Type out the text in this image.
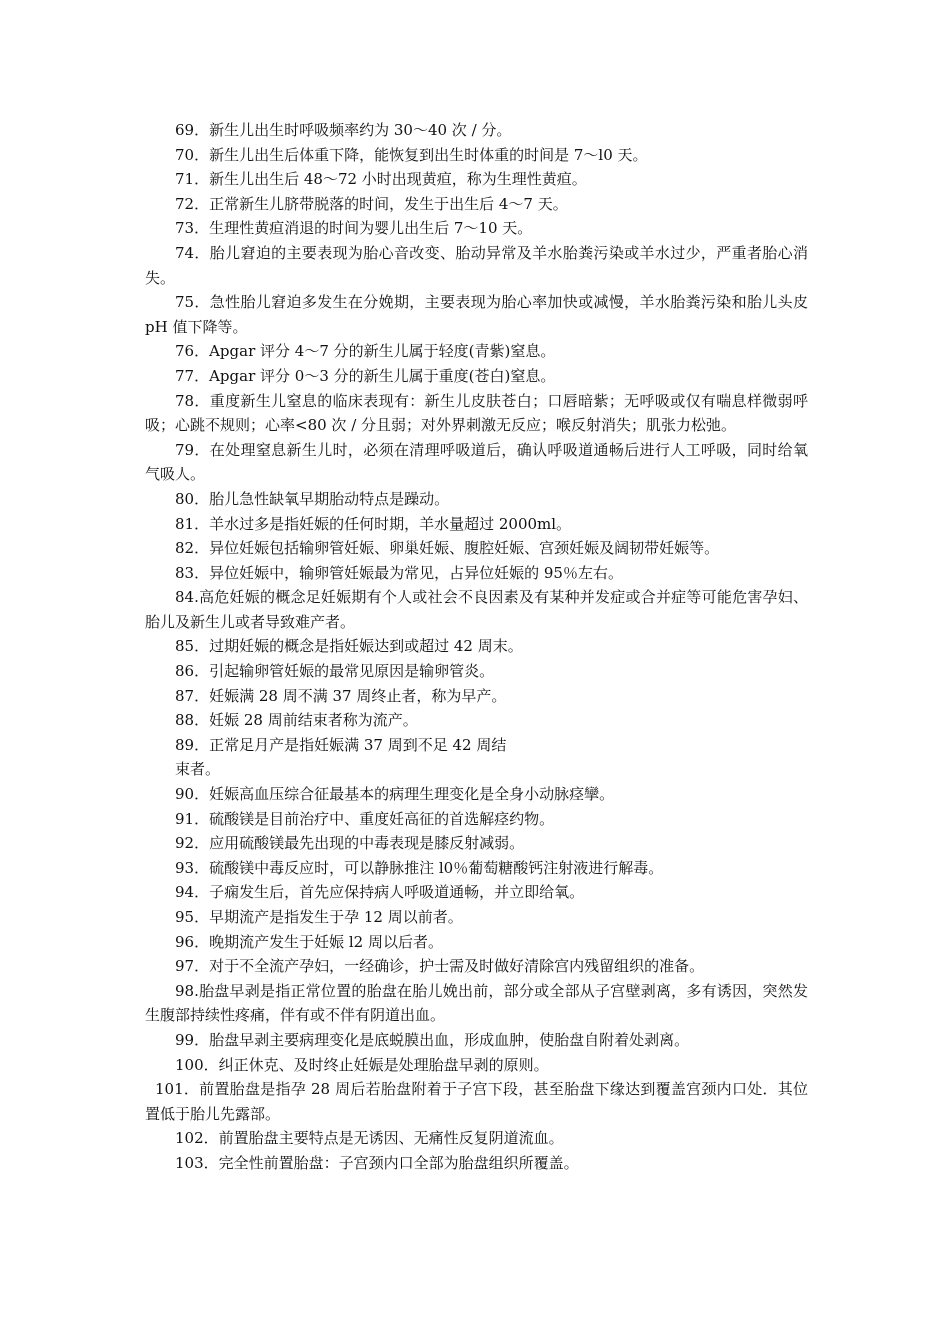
69．新生儿出生时呼吸频率约为 30～40 次 / 分。

70．新生儿出生后体重下降，能恢复到出生时体重的时间是 7～l0 天。

71．新生儿出生后 48～72 小时出现黄疸，称为生理性黄疸。

72．正常新生儿脐带脱落的时间，发生于出生后 4～7 天。

73．生理性黄疸消退的时间为婴儿出生后 7～10 天。

74．胎儿窘迫的主要表现为胎心音改变、胎动异常及羊水胎粪污染或羊水过少，严重者胎心消失。

75．急性胎儿窘迫多发生在分娩期，主要表现为胎心率加快或减慢，羊水胎粪污染和胎儿头皮 pH 值下降等。

76．Apgar 评分 4～7 分的新生儿属于轻度(青紫)窒息。

77．Apgar 评分 0～3 分的新生儿属于重度(苍白)窒息。

78．重度新生儿窒息的临床表现有：新生儿皮肤苍白；口唇暗紫；无呼吸或仅有喘息样微弱呼吸；心跳不规则；心率<80 次 / 分且弱；对外界刺激无反应；喉反射消失；肌张力松弛。

79．在处理窒息新生儿时，必须在清理呼吸道后，确认呼吸道通畅后进行人工呼吸，同时给氧气吸人。

80．胎儿急性缺氧早期胎动特点是躁动。

81．羊水过多是指妊娠的任何时期，羊水量超过 2000ml。

82．异位妊娠包括输卵管妊娠、卵巢妊娠、腹腔妊娠、宫颈妊娠及阔韧带妊娠等。

83．异位妊娠中，输卵管妊娠最为常见，占异位妊娠的 95％左右。

84.高危妊娠的概念足妊娠期有个人或社会不良因素及有某种并发症或合并症等可能危害孕妇、胎儿及新生儿或者导致难产者。

85．过期妊娠的概念是指妊娠达到或超过 42 周末。

86．引起输卵管妊娠的最常见原因是输卵管炎。

87．妊娠满 28 周不满 37 周终止者，称为早产。

88．妊娠 28 周前结束者称为流产。

89．正常足月产是指妊娠满 37 周到不足 42 周结

束者。

90．妊娠高血压综合征最基本的病理生理变化是全身小动脉痉攣。

91．硫酸镁是目前治疗中、重度妊高征的首选解痉约物。

92．应用硫酸镁最先出现的中毒表现是膝反射减弱。

93．硫酸镁中毒反应时，可以静脉推注 l0％葡萄糖酸钙注射液进行解毒。

94．子痫发生后，首先应保持病人呼吸道通畅，并立即给氧。

95．早期流产是指发生于孕 12 周以前者。

96．晚期流产发生于妊娠 l2 周以后者。

97．对于不全流产孕妇，一经确诊，护士需及时做好清除宫内残留组织的准备。

98.胎盘早剥是指正常位置的胎盘在胎儿娩出前，部分或全部从子宫壁剥离，多有诱因，突然发生腹部持续性疼痛，伴有或不伴有阴道出血。

99．胎盘早剥主要病理变化是底蜕膜出血，形成血肿，使胎盘自附着处剥离。

100．纠正休克、及时终止妊娠是处理胎盘早剥的原则。

101．前置胎盘是指孕 28 周后若胎盘附着于子宫下段，甚至胎盘下缘达到覆盖宫颈内口处．其位置低于胎儿先露部。

102．前置胎盘主要特点是无诱因、无痛性反复阴道流血。

103．完全性前置胎盘：子宫颈内口全部为胎盘组织所覆盖。
